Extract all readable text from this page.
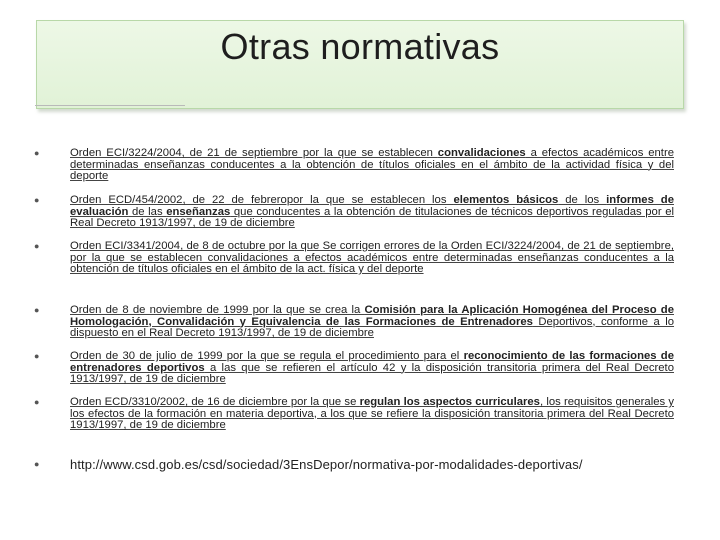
Otras normativas
●	Orden ECI/3224/2004, de 21 de septiembre por la que se establecen convalidaciones a efectos académicos entre determinadas enseñanzas conducentes a la obtención de títulos oficiales en el ámbito de la actividad física y del deporte
●	Orden ECD/454/2002, de 22 de febreropor la que se establecen los elementos básicos de los informes de evaluación de las enseñanzas que conducentes a la obtención de titulaciones de técnicos deportivos reguladas por el Real Decreto 1913/1997, de 19 de diciembre
●	Orden ECI/3341/2004, de 8 de octubre por la que Se corrigen errores de la Orden ECI/3224/2004, de 21 de septiembre, por la que se establecen convalidaciones a efectos académicos entre determinadas enseñanzas conducentes a la obtención de títulos oficiales en el ámbito de la act. física y del deporte
●	Orden de 8 de noviembre de 1999 por la que se crea la Comisión para la Aplicación Homogénea del Proceso de Homologación, Convalidación y Equivalencia de las Formaciones de Entrenadores Deportivos, conforme a lo dispuesto en el Real Decreto 1913/1997, de 19 de diciembre
●	Orden de 30 de julio de 1999 por la que se regula el procedimiento para el reconocimiento de las formaciones de entrenadores deportivos a las que se refieren el artículo 42 y la disposición transitoria primera del Real Decreto 1913/1997, de 19 de diciembre
●	Orden ECD/3310/2002, de 16 de diciembre por la que se regulan los aspectos curriculares, los requisitos generales y los efectos de la formación en materia deportiva, a los que se refiere la disposición transitoria primera del Real Decreto 1913/1997, de 19 de diciembre
● http://www.csd.gob.es/csd/sociedad/3EnsDepor/normativa-por-modalidades-deportivas/
